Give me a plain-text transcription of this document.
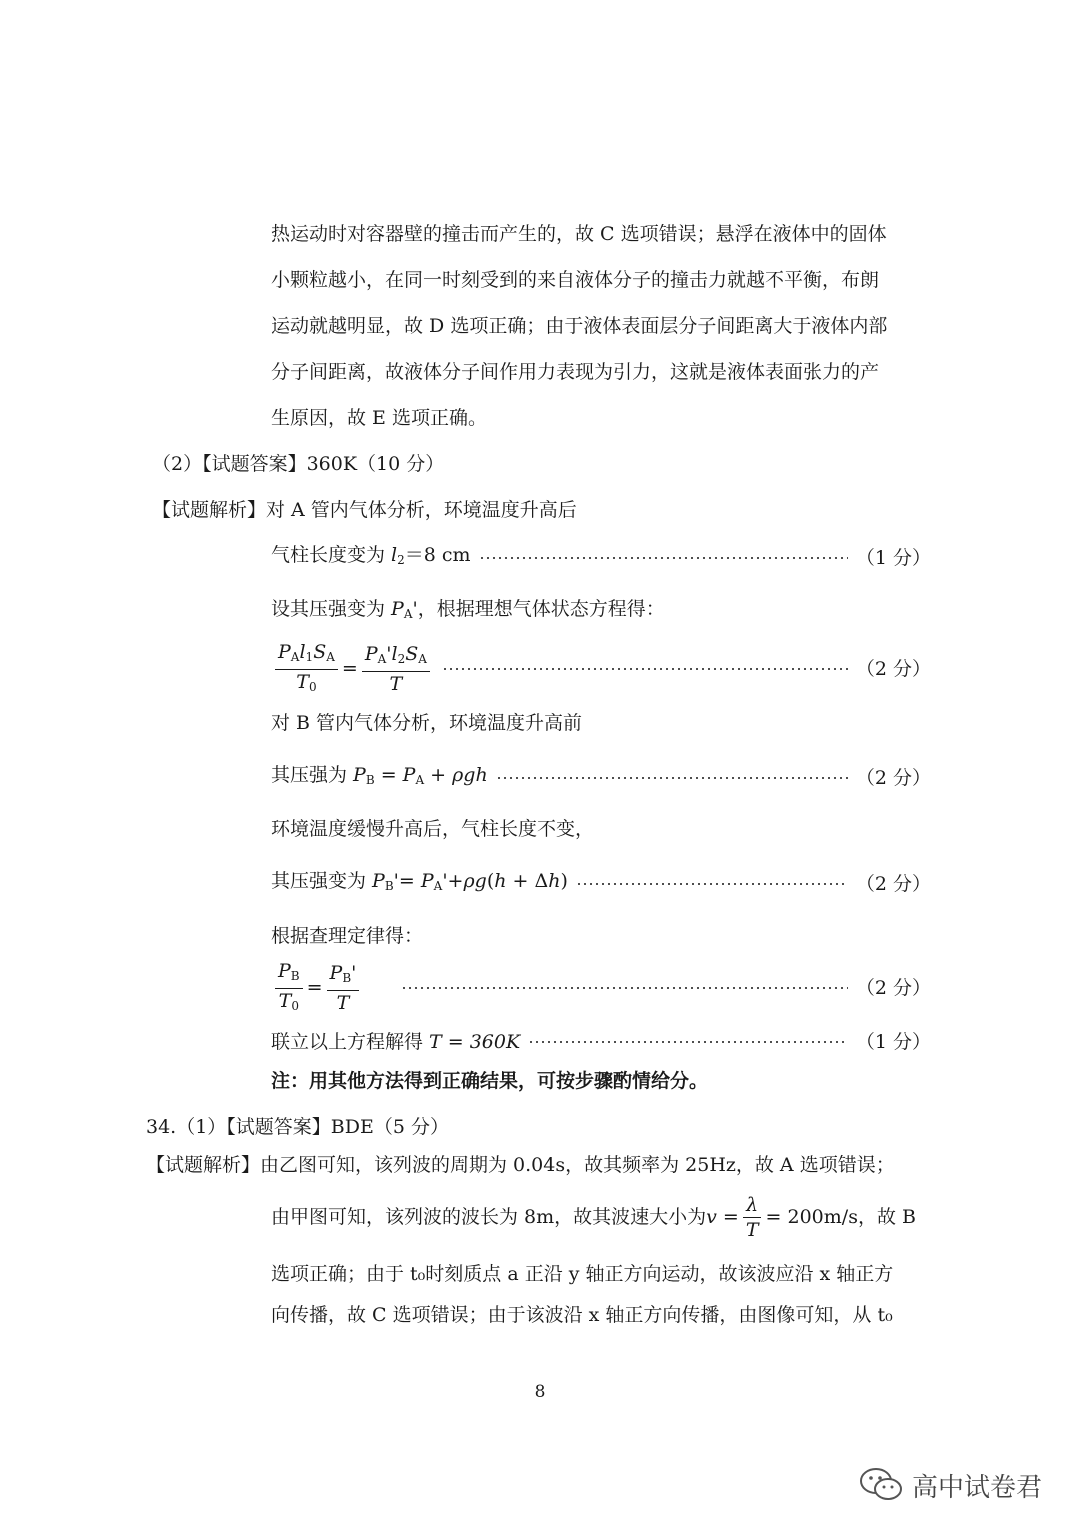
热运动时对容器壁的撞击而产生的，故 C 选项错误；悬浮在液体中的固体
小颗粒越小，在同一时刻受到的来自液体分子的撞击力就越不平衡，布朗
运动就越明显，故 D 选项正确；由于液体表面层分子间距离大于液体内部
分子间距离，故液体分子间作用力表现为引力，这就是液体表面张力的产
生原因，故 E 选项正确。
（2）【试题答案】360K（10 分）
【试题解析】对 A 管内气体分析，环境温度升高后
气柱长度变为 $l_2=8$ cm	（1 分）
设其压强变为 $P_A'$，根据理想气体状态方程得：
$\frac{P_Al_1S_A}{T_0} = \frac{P_A'l_2S_A}{T}$	（2 分）
对 B 管内气体分析，环境温度升高前
其压强为 $P_B = P_A + \rho gh$	（2 分）
环境温度缓慢升高后，气柱长度不变，
其压强变为 $P_B'= P_A'+\rho g(h + \Delta h)$	（2 分）
根据查理定律得：
$\frac{P_B}{T_0} = \frac{P_B'}{T}$	（2 分）
联立以上方程解得 T = 360K	（1 分）
注：用其他方法得到正确结果，可按步骤酌情给分。
34.（1）【试题答案】BDE（5 分）
【试题解析】由乙图可知，该列波的周期为 0.04s，故其频率为 25Hz，故 A 选项错误；
由甲图可知，该列波的波长为 8m，故其波速大小为 $v = \frac{\lambda}{T} = 200m/s$，故 B
选项正确；由于 t₀时刻质点 a 正沿 y 轴正方向运动，故该波应沿 x 轴正方
向传播，故 C 选项错误；由于该波沿 x 轴正方向传播，由图像可知，从 t₀
8
高中试卷君
